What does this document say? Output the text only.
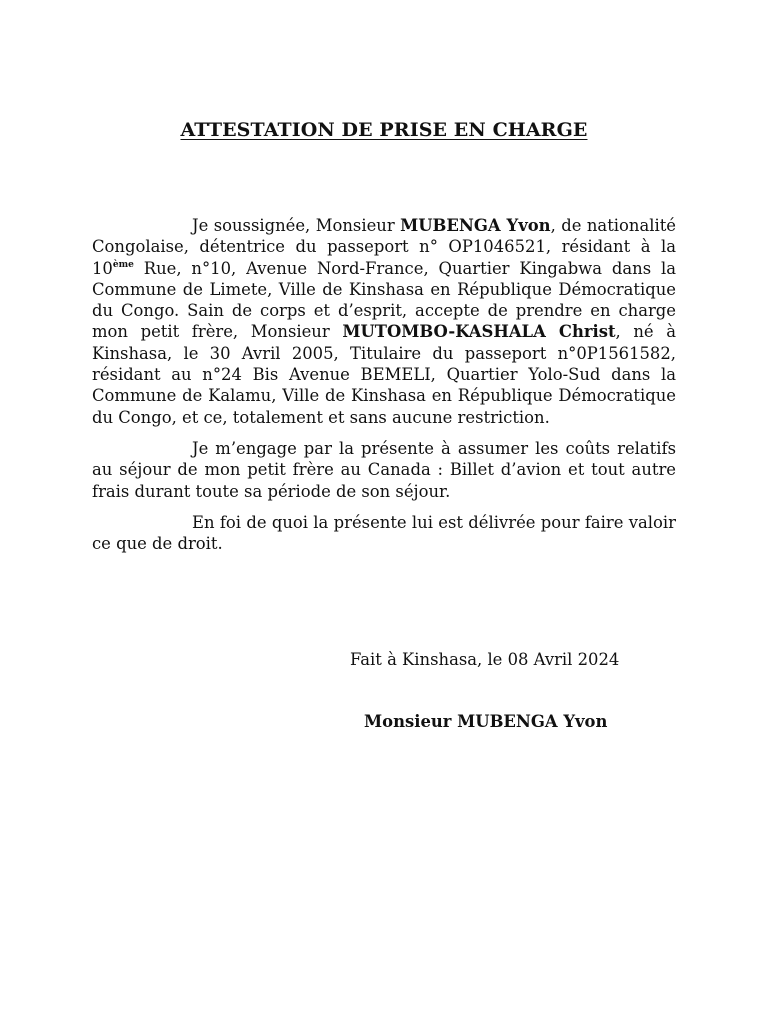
ATTESTATION DE PRISE EN CHARGE

Je soussignée, Monsieur MUBENGA Yvon, de nationalité Congolaise, détentrice du passeport n° OP1046521, résidant à la 10ème Rue, n°10, Avenue Nord-France, Quartier Kingabwa dans la Commune de Limete, Ville de Kinshasa en République Démocratique du Congo. Sain de corps et d’esprit, accepte de prendre en charge mon petit frère, Monsieur MUTOMBO-KASHALA Christ, né à Kinshasa, le 30 Avril 2005, Titulaire du passeport n°0P1561582, résidant au n°24 Bis Avenue BEMELI, Quartier Yolo-Sud dans la Commune de Kalamu, Ville de Kinshasa en République Démocratique du Congo, et ce, totalement et sans aucune restriction.

Je m’engage par la présente à assumer les coûts relatifs au séjour de mon petit frère au Canada : Billet d’avion et tout autre frais durant toute sa période de son séjour.

En foi de quoi la présente lui est délivrée pour faire valoir ce que de droit.

Fait à Kinshasa, le 08 Avril 2024
Monsieur MUBENGA Yvon
